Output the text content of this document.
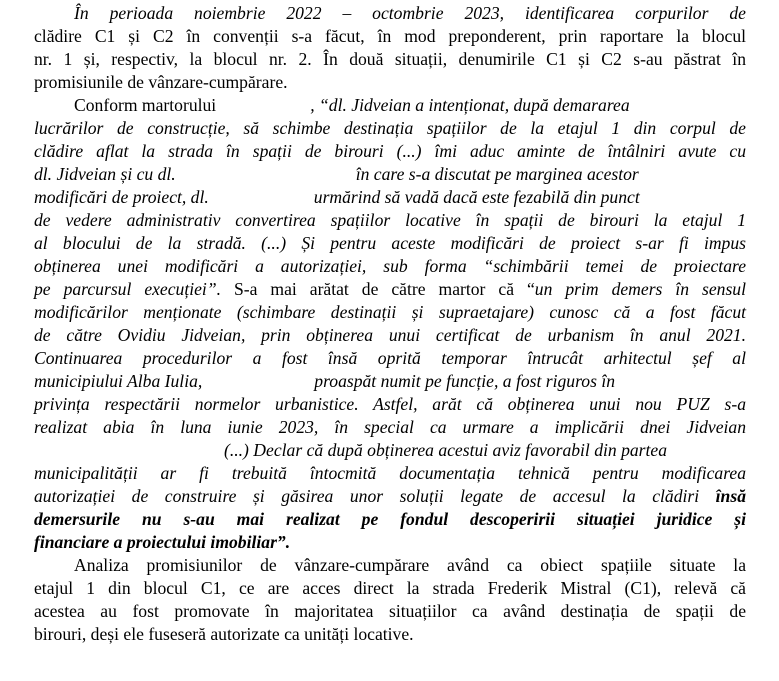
În perioada noiembrie 2022 – octombrie 2023, identificarea corpurilor de
clădire C1 și C2 în convenții s-a făcut, în mod preponderent, prin raportare la blocul
nr. 1 și, respectiv, la blocul nr. 2. În două situații, denumirile C1 și C2 s-au păstrat în
promisiunile de vânzare-cumpărare.
Conform martorului	, “dl. Jidveian a intenționat, după demararea
lucrărilor de construcție, să schimbe destinația spațiilor de la etajul 1 din corpul de
clădire aflat la strada în spații de birouri (...) îmi aduc aminte de întâlniri avute cu
dl. Jidveian și cu dl.	în care s-a discutat pe marginea acestor
modificări de proiect, dl.	urmărind să vadă dacă este fezabilă din punct
de vedere administrativ convertirea spațiilor locative în spații de birouri la etajul 1
al blocului de la stradă. (...) Și pentru aceste modificări de proiect s-ar fi impus
obținerea unei modificări a autorizației, sub forma “schimbării temei de proiectare
pe parcursul execuției”. S-a mai arătat de către martor că “un prim demers în sensul
modificărilor menționate (schimbare destinații și supraetajare) cunosc că a fost făcut
de către Ovidiu Jidveian, prin obținerea unui certificat de urbanism în anul 2021.
Continuarea procedurilor a fost însă oprită temporar întrucât arhitectul șef al
municipiului Alba Iulia,	proaspăt numit pe funcție, a fost riguros în
privința respectării normelor urbanistice. Astfel, arăt că obținerea unui nou PUZ s-a
realizat abia în luna iunie 2023, în special ca urmare a implicării dnei Jidveian
(...) Declar că după obținerea acestui aviz favorabil din partea
municipalității ar fi trebuită întocmită documentația tehnică pentru modificarea
autorizației de construire și găsirea unor soluții legate de accesul la clădiri însă
demersurile nu s-au mai realizat pe fondul descoperirii situației juridice și
financiare a proiectului imobiliar”.
Analiza promisiunilor de vânzare-cumpărare având ca obiect spațiile situate la
etajul 1 din blocul C1, ce are acces direct la strada Frederik Mistral (C1), relevă că
acestea au fost promovate în majoritatea situațiilor ca având destinația de spații de
birouri, deși ele fuseseră autorizate ca unități locative.
